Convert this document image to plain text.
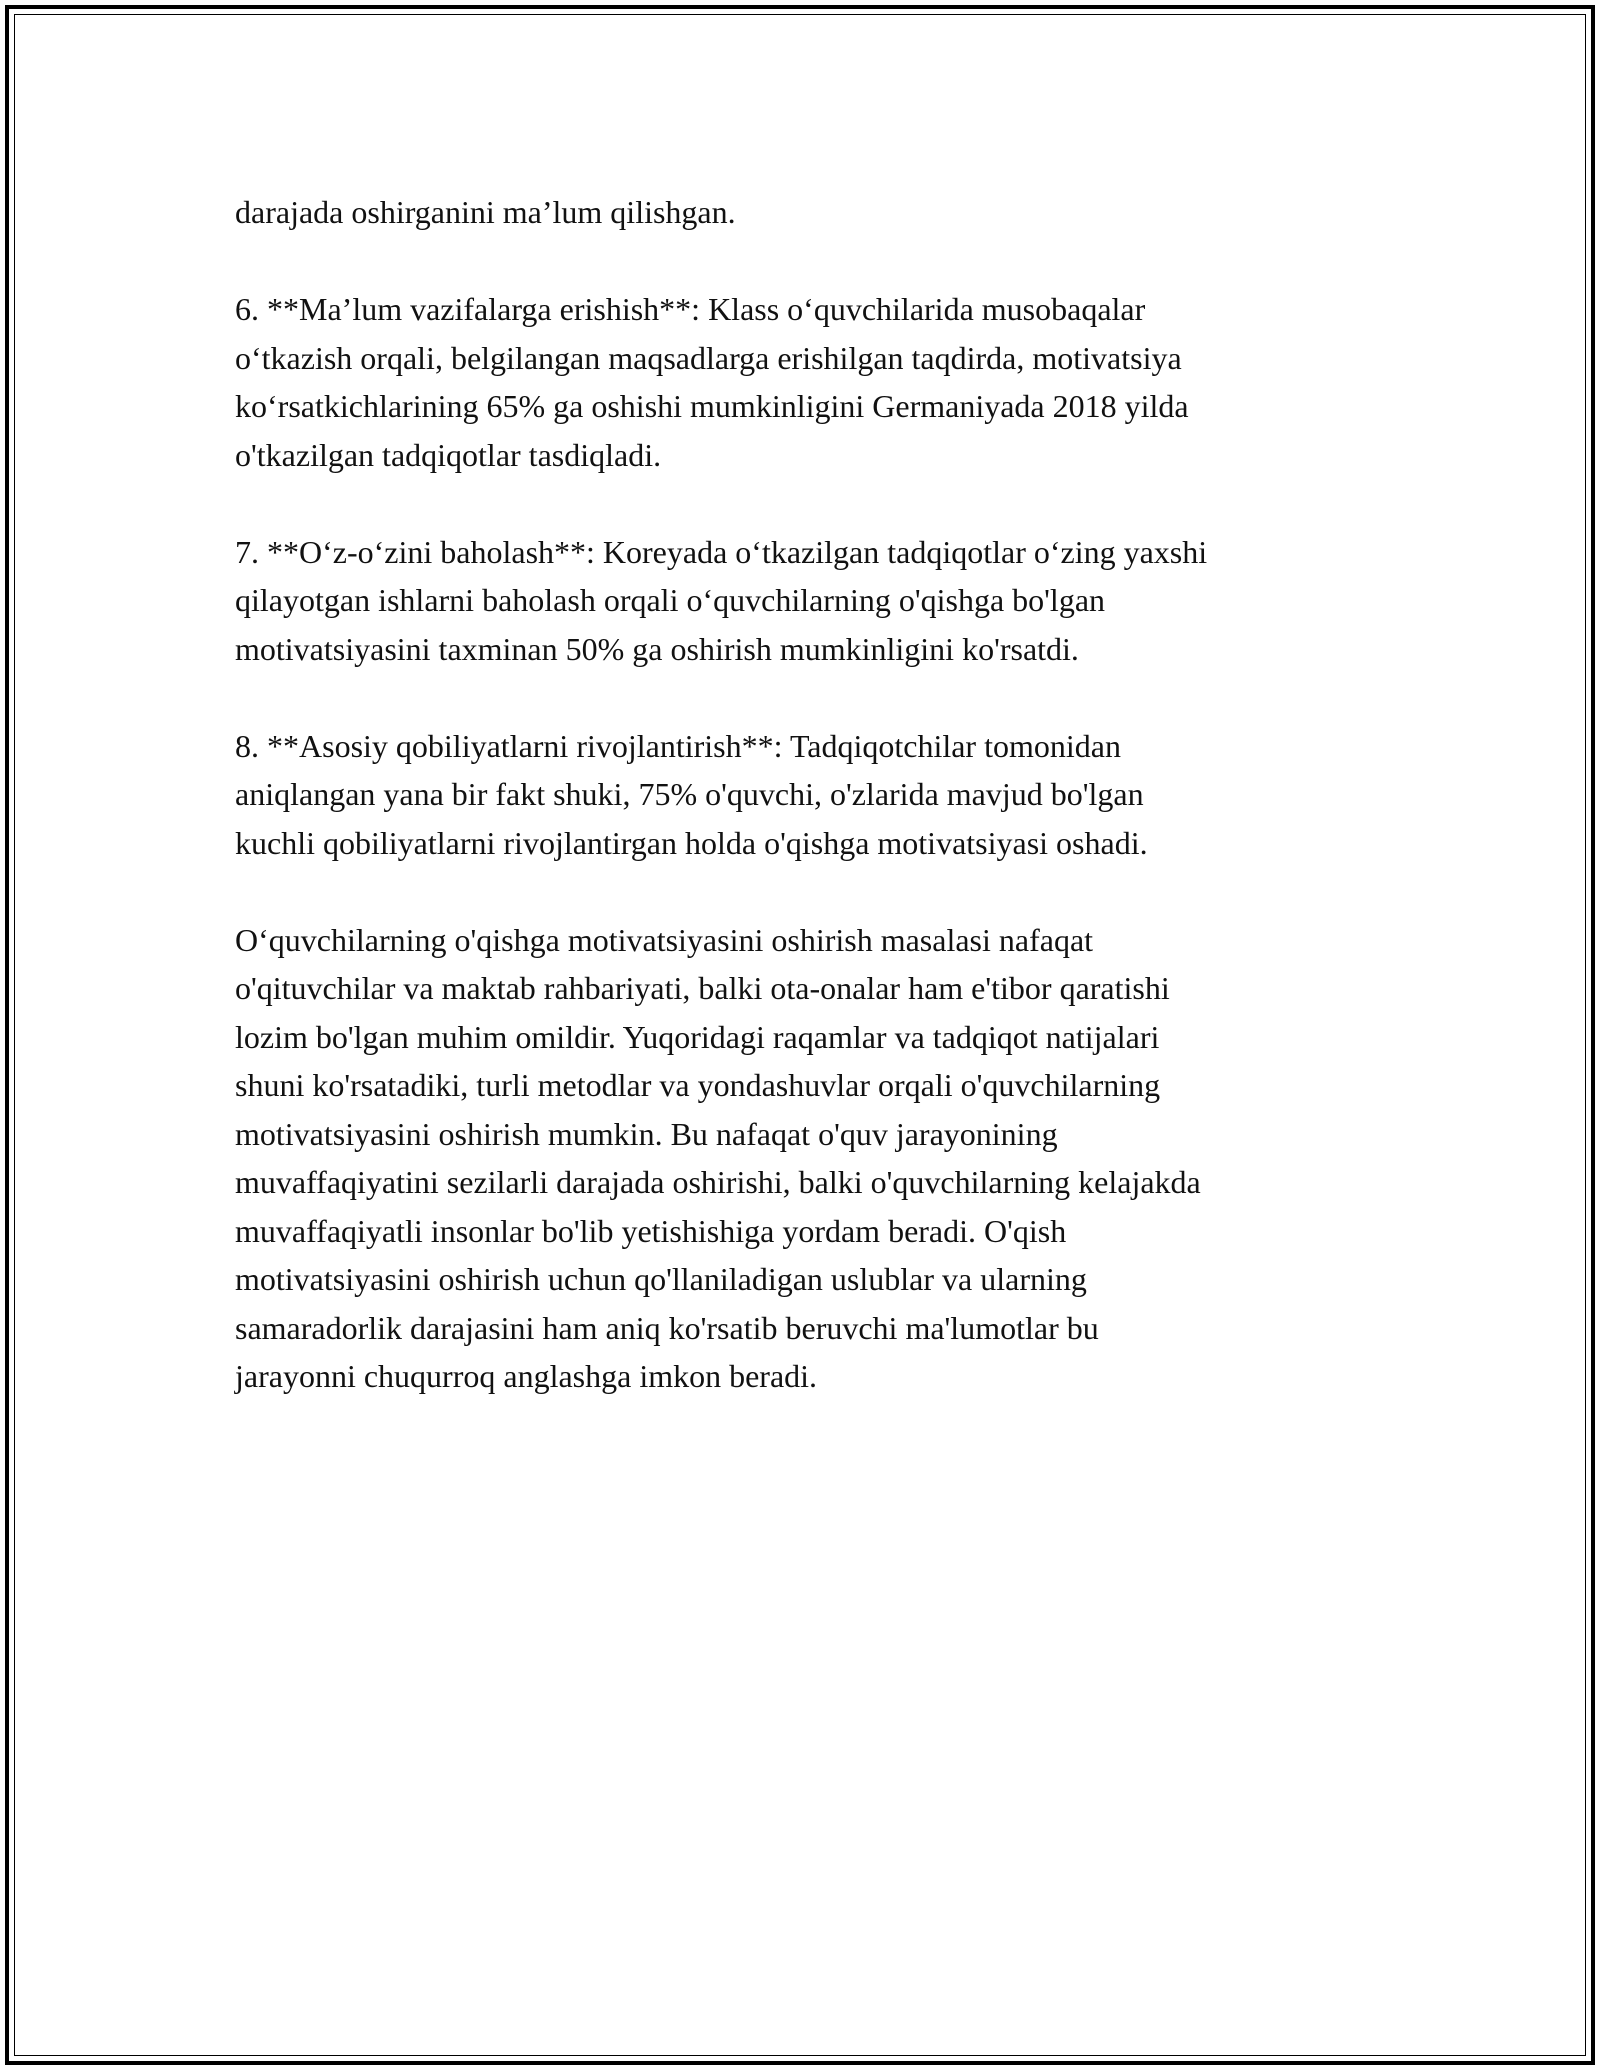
darajada oshirganini ma’lum qilishgan.

6. **Ma’lum vazifalarga erishish**: Klass o‘quvchilarida musobaqalar
o‘tkazish orqali, belgilangan maqsadlarga erishilgan taqdirda, motivatsiya
ko‘rsatkichlarining 65% ga oshishi mumkinligini Germaniyada 2018 yilda
o'tkazilgan tadqiqotlar tasdiqladi.

7. **O‘z-o‘zini baholash**: Koreyada o‘tkazilgan tadqiqotlar o‘zing yaxshi
qilayotgan ishlarni baholash orqali o‘quvchilarning o'qishga bo'lgan
motivatsiyasini taxminan 50% ga oshirish mumkinligini ko'rsatdi.

8. **Asosiy qobiliyatlarni rivojlantirish**: Tadqiqotchilar tomonidan
aniqlangan yana bir fakt shuki, 75% o'quvchi, o'zlarida mavjud bo'lgan
kuchli qobiliyatlarni rivojlantirgan holda o'qishga motivatsiyasi oshadi.

O‘quvchilarning o'qishga motivatsiyasini oshirish masalasi nafaqat
o'qituvchilar va maktab rahbariyati, balki ota-onalar ham e'tibor qaratishi
lozim bo'lgan muhim omildir. Yuqoridagi raqamlar va tadqiqot natijalari
shuni ko'rsatadiki, turli metodlar va yondashuvlar orqali o'quvchilarning
motivatsiyasini oshirish mumkin. Bu nafaqat o'quv jarayonining
muvaffaqiyatini sezilarli darajada oshirishi, balki o'quvchilarning kelajakda
muvaffaqiyatli insonlar bo'lib yetishishiga yordam beradi. O'qish
motivatsiyasini oshirish uchun qo'llaniladigan uslublar va ularning
samaradorlik darajasini ham aniq ko'rsatib beruvchi ma'lumotlar bu
jarayonni chuqurroq anglashga imkon beradi.
